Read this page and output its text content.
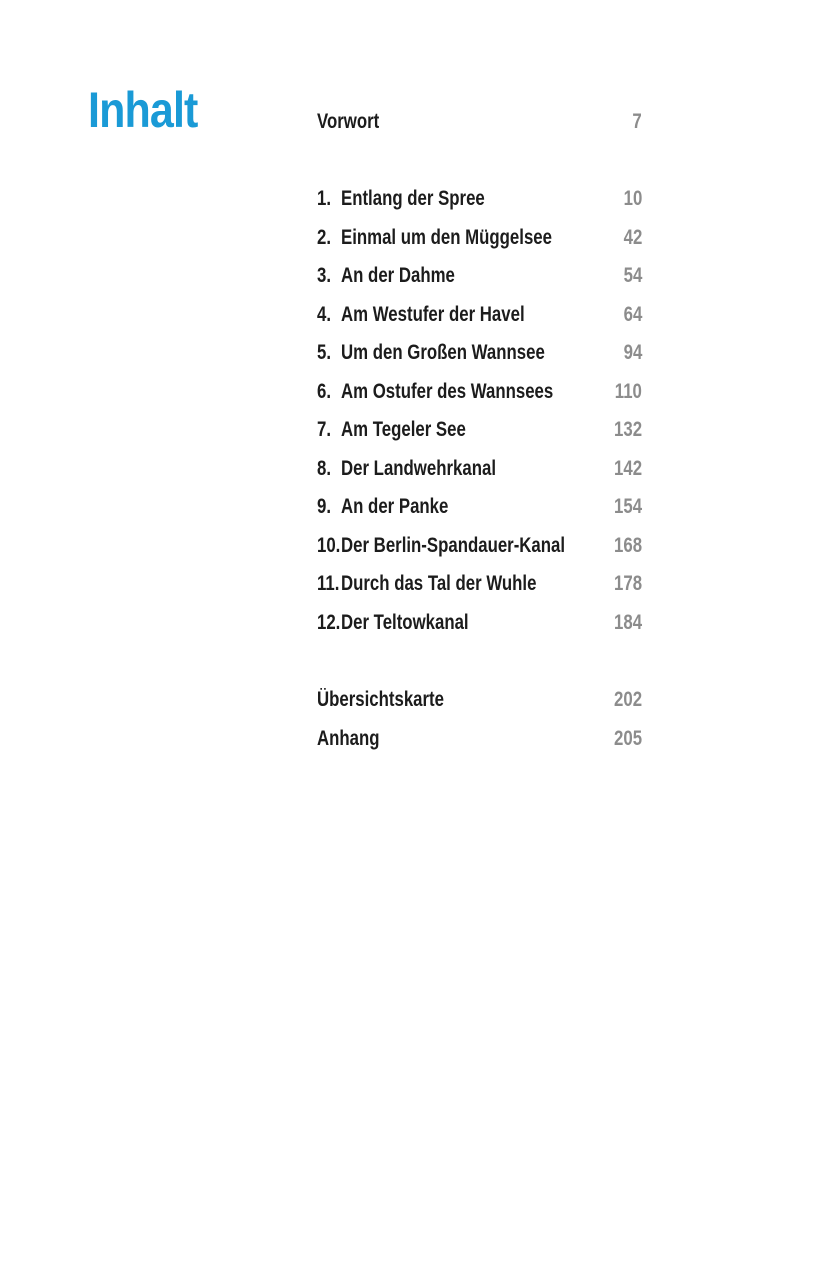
Inhalt	Vorwort	7
1. Entlang der Spree	10
2. Einmal um den Müggelsee	42
3. An der Dahme	54
4. Am Westufer der Havel	64
5. Um den Großen Wannsee	94
6. Am Ostufer des Wannsees	110
7. Am Tegeler See	132
8. Der Landwehrkanal	142
9. An der Panke	154
10.Der Berlin-Spandauer-Kanal 168
11.Durch das Tal der Wuhle	178
12.Der Teltowkanal	184
Übersichtskarte	202
Anhang	205
